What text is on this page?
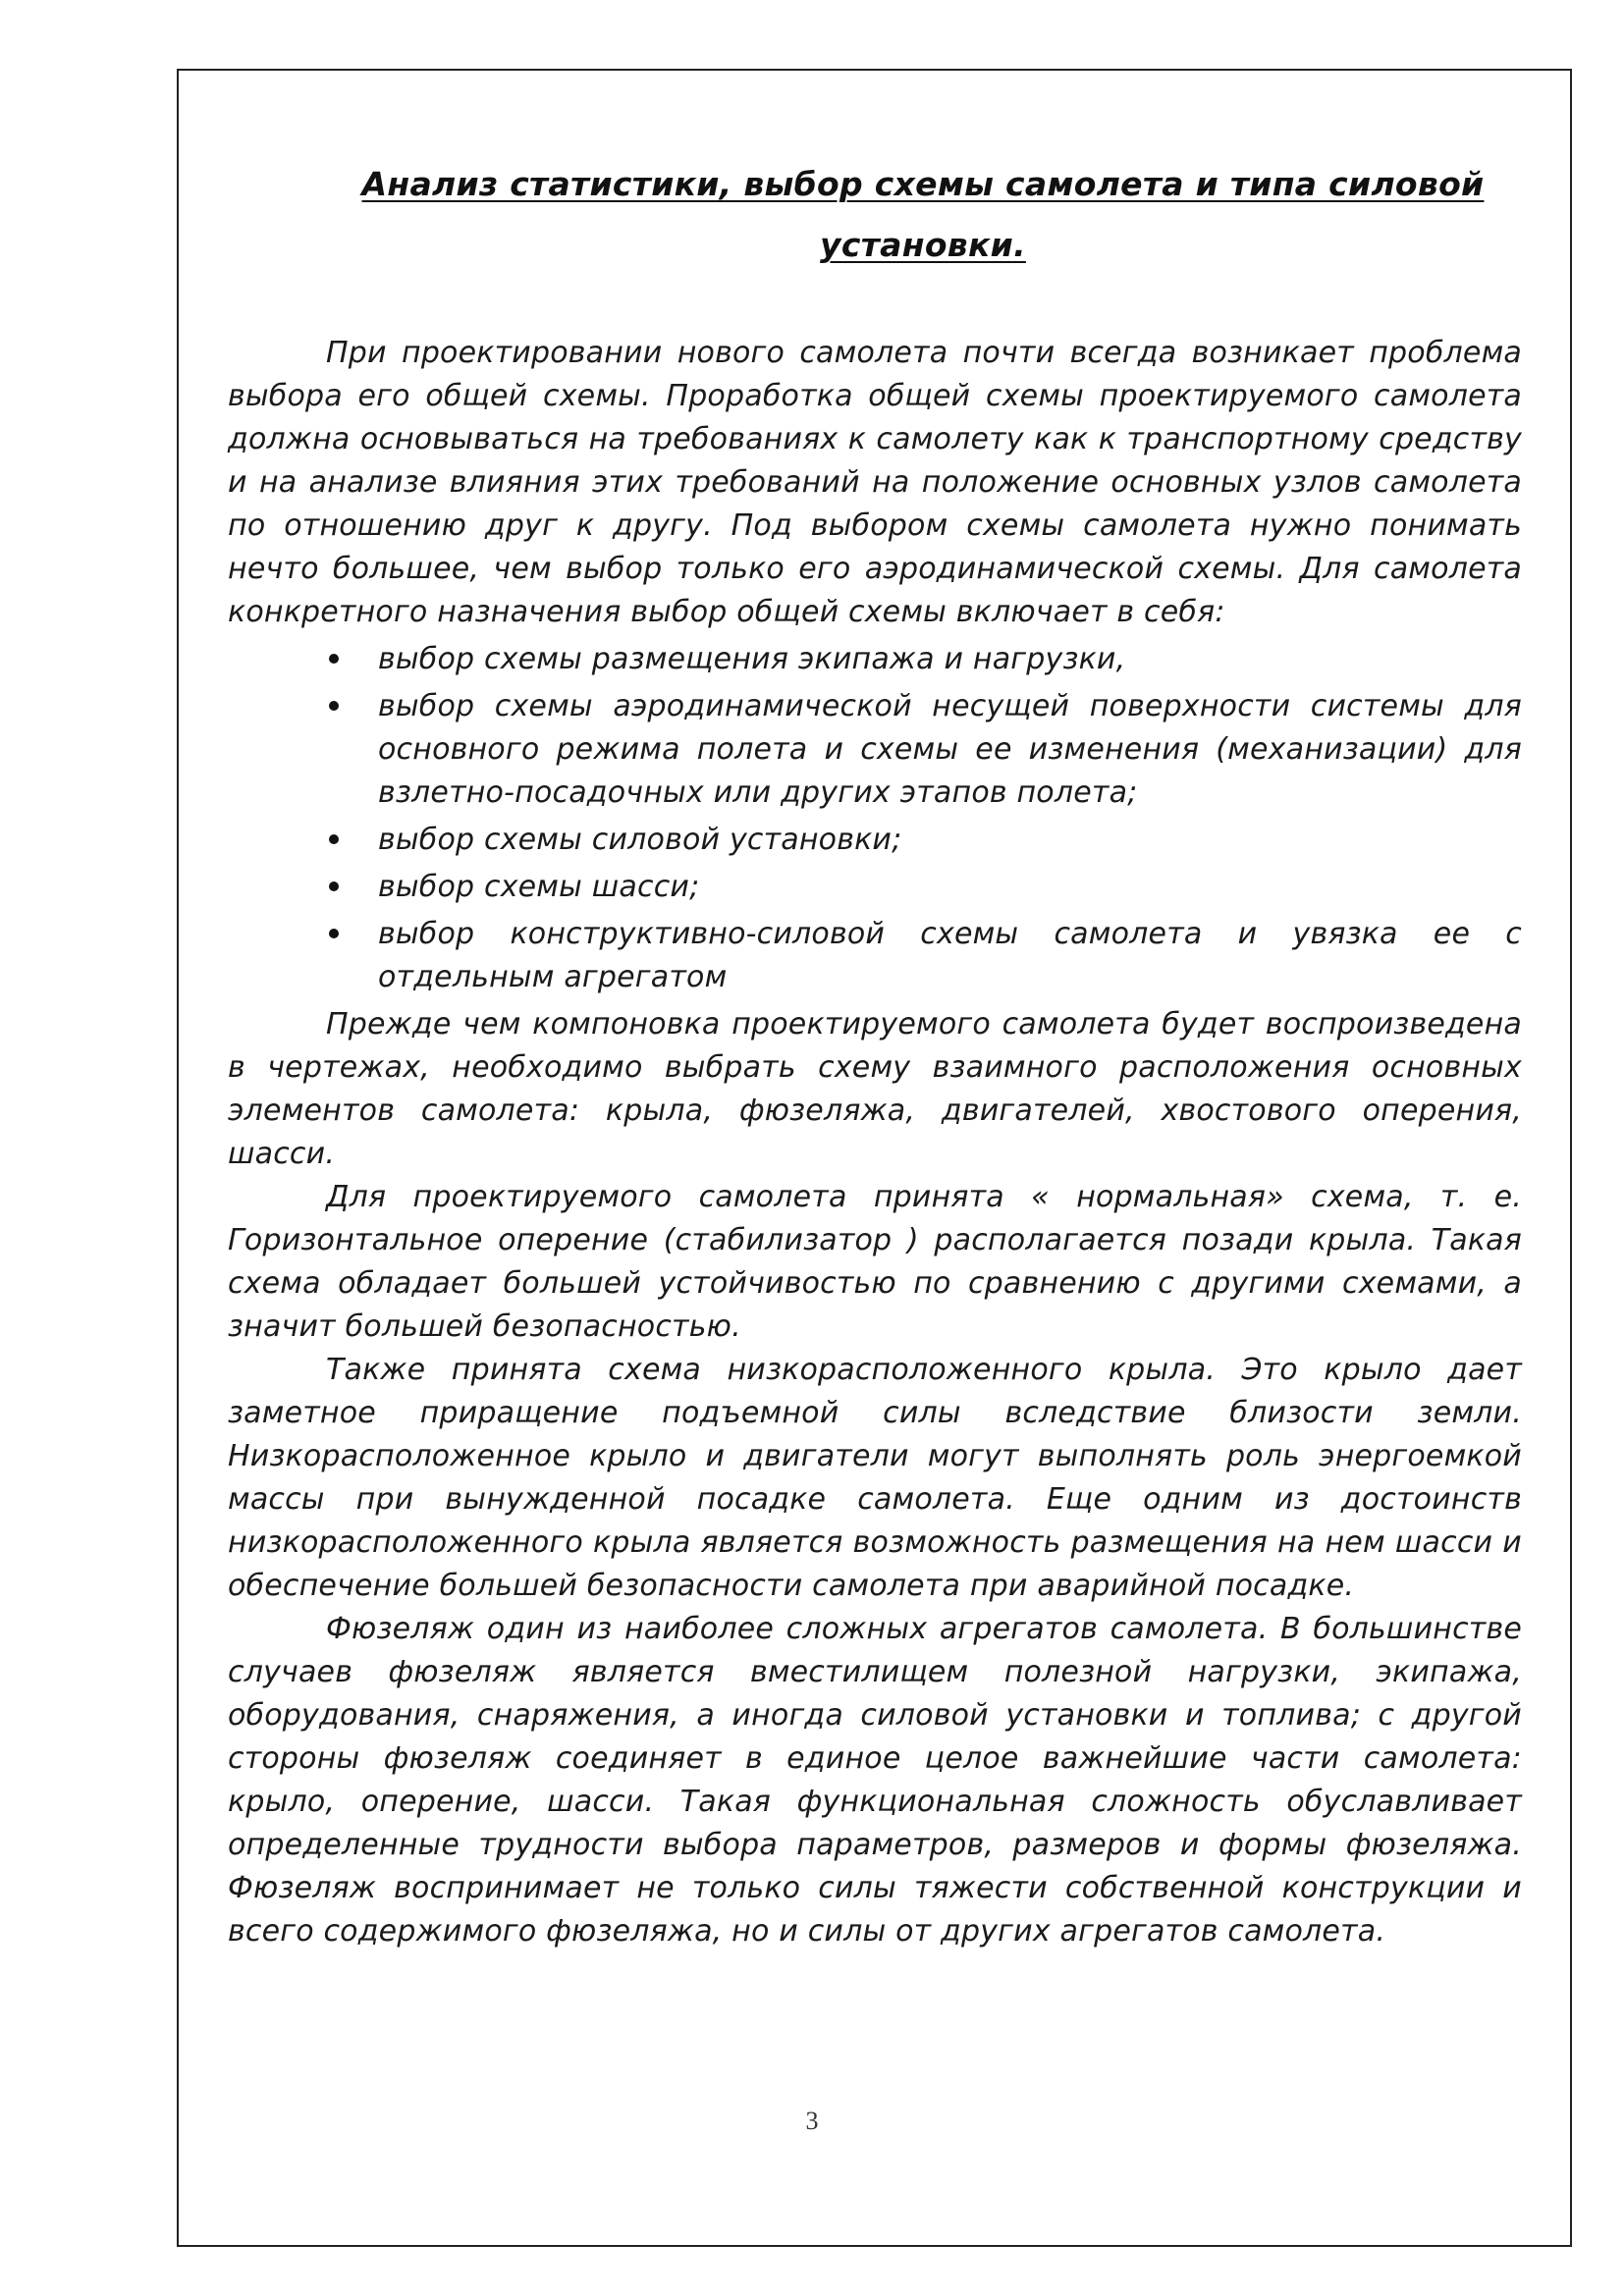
Анализ статистики, выбор схемы самолета и типа силовой установки.

При проектировании нового самолета почти всегда возникает проблема выбора его общей схемы. Проработка общей схемы проектируемого самолета должна основываться на требованиях к самолету как к транспортному средству и на анализе влияния этих требований на положение основных узлов самолета по отношению друг к другу. Под выбором схемы самолета нужно понимать нечто большее, чем выбор только его аэродинамической схемы. Для самолета конкретного назначения выбор общей схемы включает в себя:

выбор схемы размещения экипажа и нагрузки,
выбор схемы аэродинамической несущей поверхности системы для основного режима полета и схемы ее изменения (механизации) для взлетно-посадочных или других этапов полета;
выбор схемы силовой установки;
выбор схемы шасси;
выбор конструктивно-силовой схемы самолета и увязка ее с отдельным агрегатом

Прежде чем компоновка проектируемого самолета будет воспроизведена в чертежах, необходимо выбрать схему взаимного расположения основных элементов самолета: крыла, фюзеляжа, двигателей, хвостового оперения, шасси.

Для проектируемого самолета принята « нормальная» схема, т. е. Горизонтальное оперение (стабилизатор ) располагается позади крыла. Такая схема обладает большей устойчивостью по сравнению с другими схемами, а значит большей безопасностью.

Также принята схема низкорасположенного крыла. Это крыло дает заметное приращение подъемной силы вследствие близости земли. Низкорасположенное крыло и двигатели могут выполнять роль энергоемкой массы при вынужденной посадке самолета. Еще одним из достоинств низкорасположенного крыла является возможность размещения на нем шасси и обеспечение большей безопасности самолета при аварийной посадке.

Фюзеляж один из наиболее сложных агрегатов самолета. В большинстве случаев фюзеляж является вместилищем полезной нагрузки, экипажа, оборудования, снаряжения, а иногда силовой установки и топлива; с другой стороны фюзеляж соединяет в единое целое важнейшие части самолета: крыло, оперение, шасси. Такая функциональная сложность обуславливает определенные трудности выбора параметров, размеров и формы фюзеляжа. Фюзеляж воспринимает не только силы тяжести собственной конструкции и всего содержимого фюзеляжа, но и силы от других агрегатов самолета.

3
